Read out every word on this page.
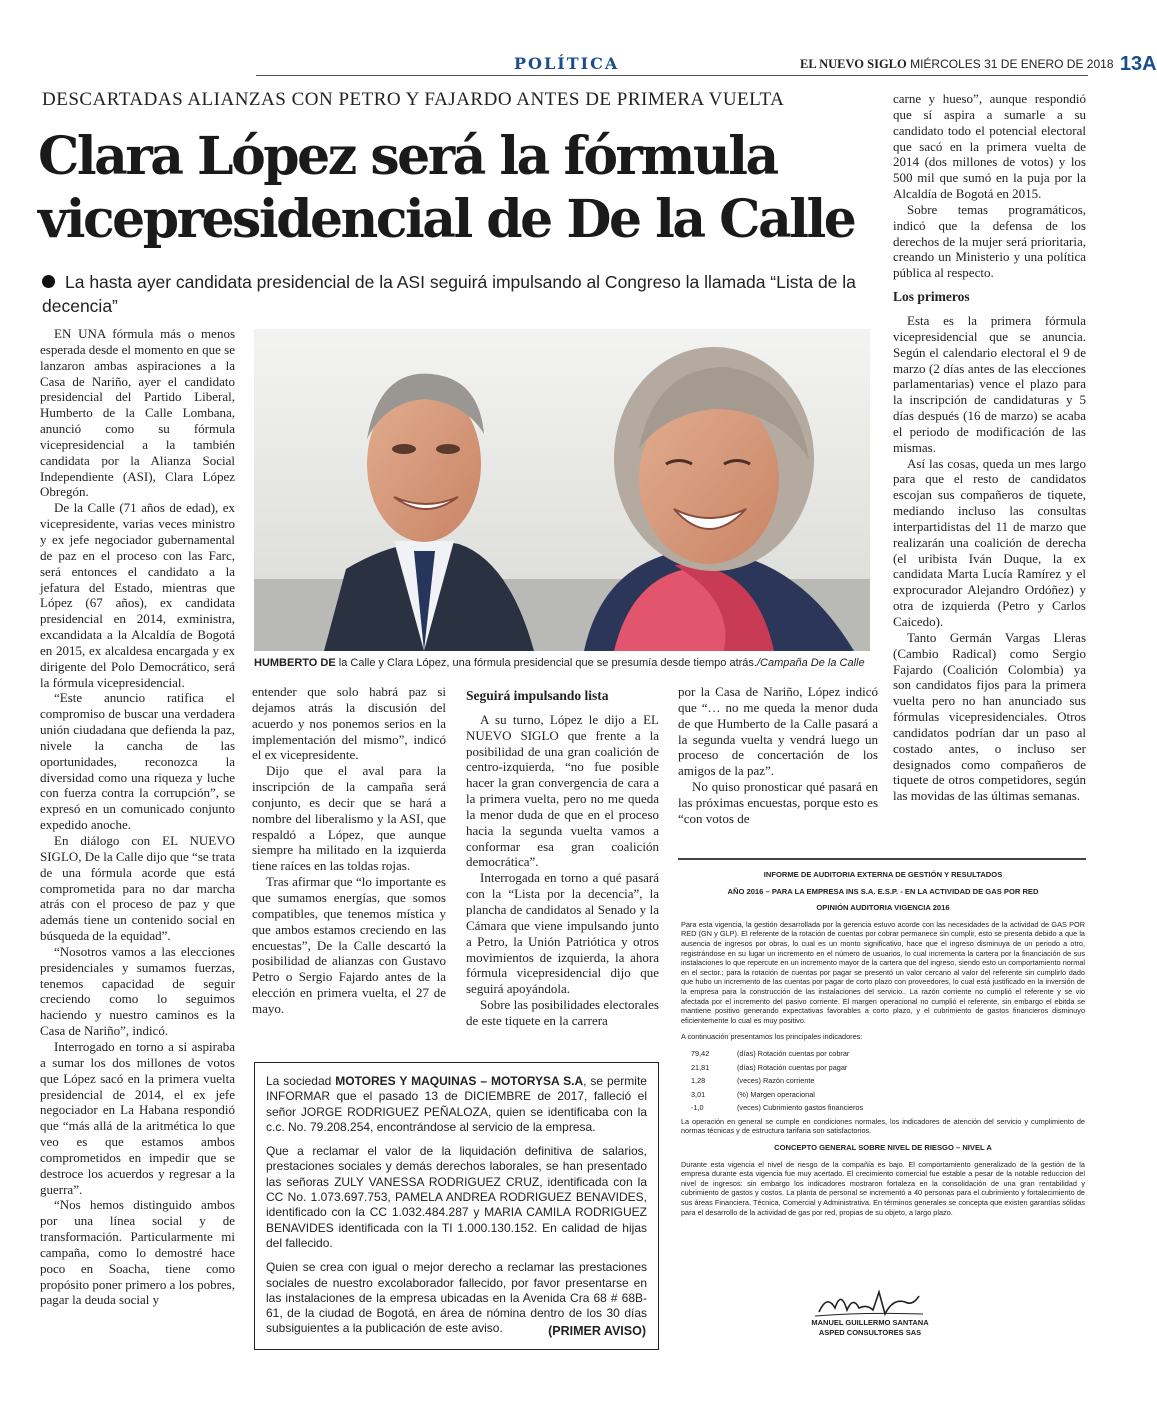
POLÍTICA	EL NUEVO SIGLO MIÉRCOLES 31 DE ENERO DE 2018 13A
DESCARTADAS ALIANZAS CON PETRO Y FAJARDO ANTES DE PRIMERA VUELTA
Clara López será la fórmula
vicepresidencial de De la Calle
La hasta ayer candidata presidencial de la ASI seguirá impulsando al Congreso la llamada “Lista de la decencia”

EN UNA fórmula más o menos esperada desde el momento en que se lanzaron ambas aspiraciones a la Casa de Nariño, ayer el candidato presidencial del Partido Liberal, Humberto de la Calle Lombana, anunció como su fórmula vicepresidencial a la también candidata por la Alianza Social Independiente (ASI), Clara López Obregón.

De la Calle (71 años de edad), ex vicepresidente, varias veces ministro y ex jefe negociador gubernamental de paz en el proceso con las Farc, será entonces el candidato a la jefatura del Estado, mientras que López (67 años), ex candidata presidencial en 2014, exministra, excandidata a la Alcaldía de Bogotá en 2015, ex alcaldesa encargada y ex dirigente del Polo Democrático, será la fórmula vicepresidencial.

“Este anuncio ratifica el compromiso de buscar una verdadera unión ciudadana que defienda la paz, nivele la cancha de las oportunidades, reconozca la diversidad como una riqueza y luche con fuerza contra la corrupción”, se expresó en un comunicado conjunto expedido anoche.

En diálogo con EL NUEVO SIGLO, De la Calle dijo que “se trata de una fórmula acorde que está comprometida para no dar marcha atrás con el proceso de paz y que además tiene un contenido social en búsqueda de la equidad”.

“Nosotros vamos a las elecciones presidenciales y sumamos fuerzas, tenemos capacidad de seguir creciendo como lo seguimos haciendo y nuestro caminos es la Casa de Nariño”, indicó.

Interrogado en torno a si aspiraba a sumar los dos millones de votos que López sacó en la primera vuelta presidencial de 2014, el ex jefe negociador en La Habana respondió que “más allá de la aritmética lo que veo es que estamos ambos comprometidos en impedir que se destroce los acuerdos y regresar a la guerra”.

“Nos hemos distinguido ambos por una línea social y de transformación. Particularmente mi campaña, como lo demostré hace poco en Soacha, tiene como propósito poner primero a los pobres, pagar la deuda social y

HUMBERTO DE la Calle y Clara López, una fórmula presidencial que se presumía desde tiempo atrás./Campaña De la Calle

entender que solo habrá paz si dejamos atrás la discusión del acuerdo y nos ponemos serios en la implementación del mismo”, indicó el ex vicepresidente.

Dijo que el aval para la inscripción de la campaña será conjunto, es decir que se hará a nombre del liberalismo y la ASI, que respaldó a López, que aunque siempre ha militado en la izquierda tiene raíces en las toldas rojas.

Tras afirmar que “lo importante es que sumamos energías, que somos compatibles, que tenemos mística y que ambos estamos creciendo en las encuestas”, De la Calle descartó la posibilidad de alianzas con Gustavo Petro o Sergio Fajardo antes de la elección en primera vuelta, el 27 de mayo.

Seguirá impulsando lista

A su turno, López le dijo a EL NUEVO SIGLO que frente a la posibilidad de una gran coalición de centro-izquierda, “no fue posible hacer la gran convergencia de cara a la primera vuelta, pero no me queda la menor duda de que en el proceso hacia la segunda vuelta vamos a conformar esa gran coalición democrática”.

Interrogada en torno a qué pasará con la “Lista por la decencia”, la plancha de candidatos al Senado y la Cámara que viene impulsando junto a Petro, la Unión Patriótica y otros movimientos de izquierda, la ahora fórmula vicepresidencial dijo que seguirá apoyándola.

Sobre las posibilidades electorales de este tiquete en la carrera

por la Casa de Nariño, López indicó que “… no me queda la menor duda de que Humberto de la Calle pasará a la segunda vuelta y vendrá luego un proceso de concertación de los amigos de la paz”.

No quiso pronosticar qué pasará en las próximas encuestas, porque esto es “con votos de

carne y hueso”, aunque respondió que sí aspira a sumarle a su candidato todo el potencial electoral que sacó en la primera vuelta de 2014 (dos millones de votos) y los 500 mil que sumó en la puja por la Alcaldía de Bogotá en 2015.

Sobre temas programáticos, indicó que la defensa de los derechos de la mujer será prioritaria, creando un Ministerio y una política pública al respecto.

Los primeros

Esta es la primera fórmula vicepresidencial que se anuncia. Según el calendario electoral el 9 de marzo (2 días antes de las elecciones parlamentarias) vence el plazo para la inscripción de candidaturas y 5 días después (16 de marzo) se acaba el periodo de modificación de las mismas.

Así las cosas, queda un mes largo para que el resto de candidatos escojan sus compañeros de tiquete, mediando incluso las consultas interpartidistas del 11 de marzo que realizarán una coalición de derecha (el uribista Iván Duque, la ex candidata Marta Lucía Ramírez y el exprocurador Alejandro Ordóñez) y otra de izquierda (Petro y Carlos Caicedo).

Tanto Germán Vargas Lleras (Cambio Radical) como Sergio Fajardo (Coalición Colombia) ya son candidatos fijos para la primera vuelta pero no han anunciado sus fórmulas vicepresidenciales. Otros candidatos podrían dar un paso al costado antes, o incluso ser designados como compañeros de tiquete de otros competidores, según las movidas de las últimas semanas.

La sociedad MOTORES Y MAQUINAS – MOTORYSA S.A, se permite INFORMAR que el pasado 13 de DICIEMBRE de 2017, falleció el señor JORGE RODRIGUEZ PEÑALOZA, quien se identificaba con la c.c. No. 79.208.254, encontrándose al servicio de la empresa.

Que a reclamar el valor de la liquidación definitiva de salarios, prestaciones sociales y demás derechos laborales, se han presentado las señoras ZULY VANESSA RODRIGUEZ CRUZ, identificada con la CC No. 1.073.697.753, PAMELA ANDREA RODRIGUEZ BENAVIDES, identificado con la CC 1.032.484.287 y MARIA CAMILA RODRIGUEZ BENAVIDES identificada con la TI 1.000.130.152. En calidad de hijas del fallecido.

Quien se crea con igual o mejor derecho a reclamar las prestaciones sociales de nuestro excolaborador fallecido, por favor presentarse en las instalaciones de la empresa ubicadas en la Avenida Cra 68 # 68B-61, de la ciudad de Bogotá, en área de nómina dentro de los 30 días subsiguientes a la publicación de este aviso.	(PRIMER AVISO)
INFORME DE AUDITORIA EXTERNA DE GESTIÓN Y RESULTADOS
AÑO 2016 – PARA LA EMPRESA INS S.A. E.S.P. - EN LA ACTIVIDAD DE GAS POR RED
OPINIÓN AUDITORIA VIGENCIA 2016
Para esta vigencia, la gestión desarrollada por la gerencia estuvo acorde con las necesidades de la actividad de GAS POR RED (GN y GLP). El referente de la rotación de cuentas por cobrar permanece sin cumplir, esto se presenta debido a que la ausencia de ingresos por obras, lo cual es un monto significativo, hace que el ingreso disminuya de un periodo a otro, registrándose en su lugar un incremento en el número de usuarios, lo cual incrementa la cartera por la financiación de sus instalaciones lo que repercute en un incremento mayor de la cartera que del ingreso, siendo esto un comportamiento normal en el sector.; para la rotación de cuentas por pagar se presentó un valor cercano al valor del referente sin cumplirlo dado que hubo un incremento de las cuentas por pagar de corto plazo con proveedores, lo cual está justificado en la inversión de la empresa para la construcción de las instalaciones del servicio.. La razón corriente no cumplió el referente y se vio afectada por el incremento del pasivo corriente. El margen operacional no cumplió el referente, sin embargo el ebitda se mantiene positivo generando expectativas favorables a corto plazo, y el cubrimiento de gastos financieros disminuyo eficientemente lo cual es muy positivo.
A continuación presentamos los principales indicadores:
79,42	(días) Rotación cuentas por cobrar
21,81	(días) Rotación cuentas por pagar
1,28	(veces) Razón corriente
3,01	(%) Margen operacional
-1,0	(veces) Cubrimiento gastos financieros
La operación en general se cumple en condiciones normales, los indicadores de atención del servicio y cumplimiento de normas técnicas y de estructura tarifaria son satisfactorios.
CONCEPTO GENERAL SOBRE NIVEL DE RIESGO – NIVEL A
Durante esta vigencia el nivel de riesgo de la compañía es bajo. El comportamiento generalizado de la gestión de la empresa durante esta vigencia fue muy acertado. El crecimiento comercial fue estable a pesar de la notable reduccion del nivel de ingresos: sin embargo los indicadores mostraron fortaleza en la consolidación de una gran rentabilidad y cubrimiento de gastos y costos. La planta de personal se incrementó a 40 personas para el cubrimiento y fortalecimiento de sus áreas Financiera, Técnica, Comercial y Administrativa. En términos generales se concepta que existen garantías sólidas para el desarrollo de la actividad de gas por red, propias de su objeto, a largo plazo.
MANUEL GUILLERMO SANTANA
ASPED CONSULTORES SAS
